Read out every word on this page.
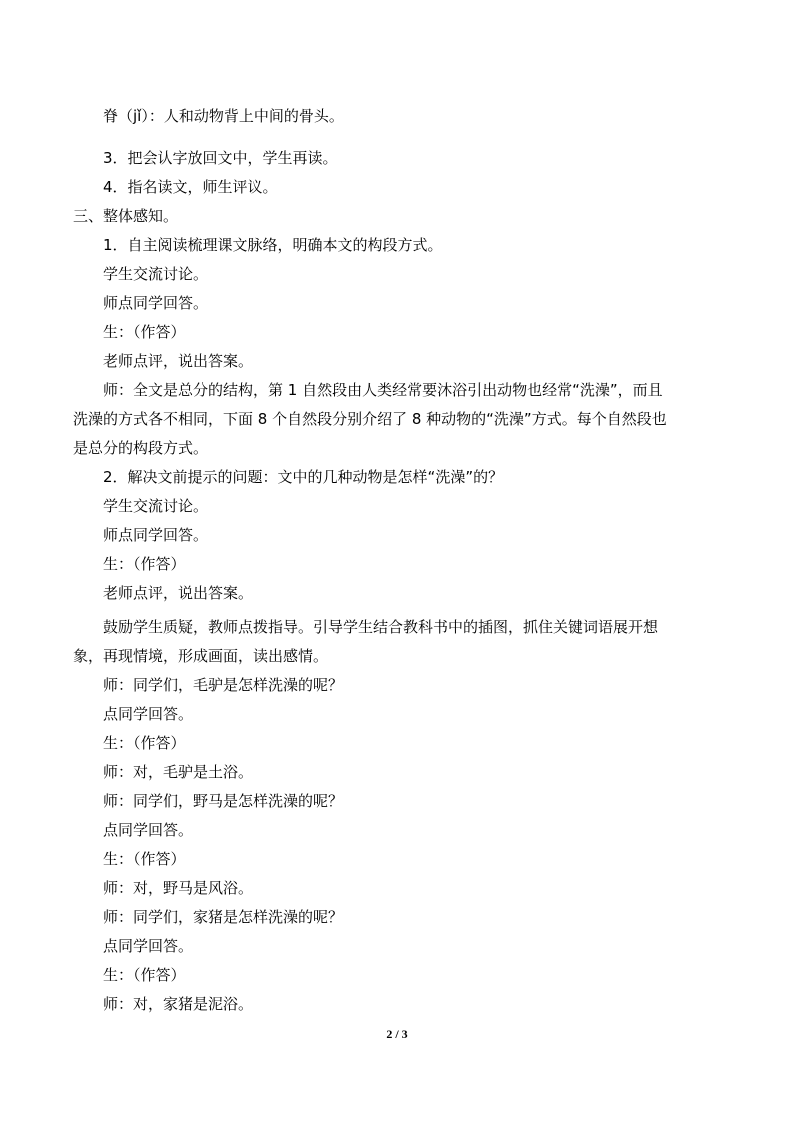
脊（jǐ）：人和动物背上中间的骨头。
3．把会认字放回文中，学生再读。
4．指名读文，师生评议。
三、整体感知。
1．自主阅读梳理课文脉络，明确本文的构段方式。
学生交流讨论。
师点同学回答。
生：（作答）
老师点评，说出答案。
师：全文是总分的结构，第 1 自然段由人类经常要沐浴引出动物也经常“洗澡”，而且
洗澡的方式各不相同，下面 8 个自然段分别介绍了 8 种动物的“洗澡”方式。每个自然段也
是总分的构段方式。
2．解决文前提示的问题：文中的几种动物是怎样“洗澡”的？
学生交流讨论。
师点同学回答。
生：（作答）
老师点评，说出答案。
鼓励学生质疑，教师点拨指导。引导学生结合教科书中的插图，抓住关键词语展开想
象，再现情境，形成画面，读出感情。
师：同学们，毛驴是怎样洗澡的呢？
点同学回答。
生：（作答）
师：对，毛驴是土浴。
师：同学们，野马是怎样洗澡的呢？
点同学回答。
生：（作答）
师：对，野马是风浴。
师：同学们，家猪是怎样洗澡的呢？
点同学回答。
生：（作答）
师：对，家猪是泥浴。
2 / 3
